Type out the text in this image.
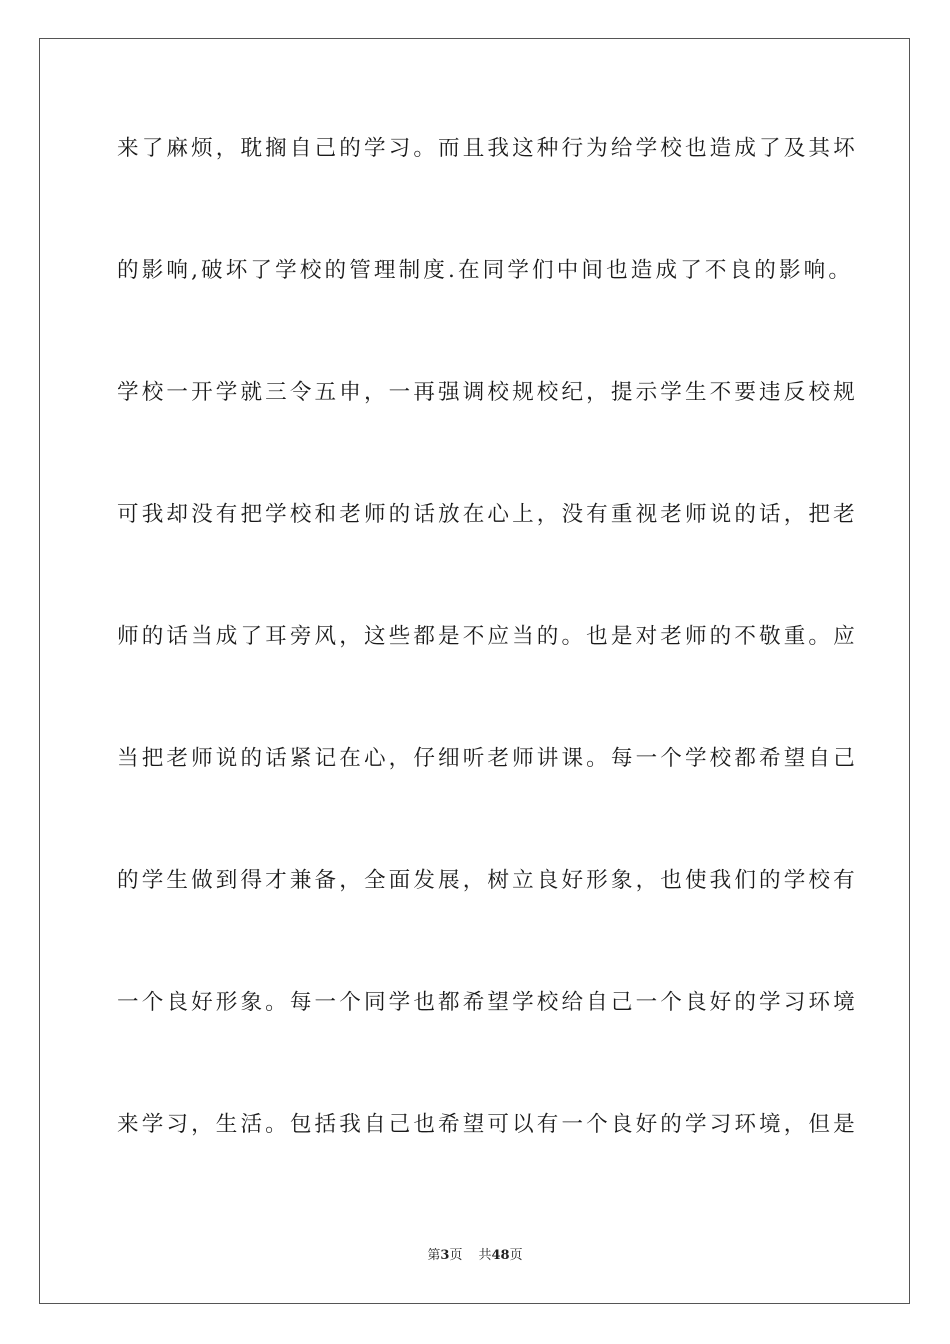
来了麻烦，耽搁自己的学习。而且我这种行为给学校也造成了及其坏
的影响,破坏了学校的管理制度.在同学们中间也造成了不良的影响。
学校一开学就三令五申，一再强调校规校纪，提示学生不要违反校规
可我却没有把学校和老师的话放在心上，没有重视老师说的话，把老
师的话当成了耳旁风，这些都是不应当的。也是对老师的不敬重。应
当把老师说的话紧记在心，仔细听老师讲课。每一个学校都希望自己
的学生做到得才兼备，全面发展，树立良好形象，也使我们的学校有
一个良好形象。每一个同学也都希望学校给自己一个良好的学习环境
来学习，生活。包括我自己也希望可以有一个良好的学习环境，但是
第3页 共48页
